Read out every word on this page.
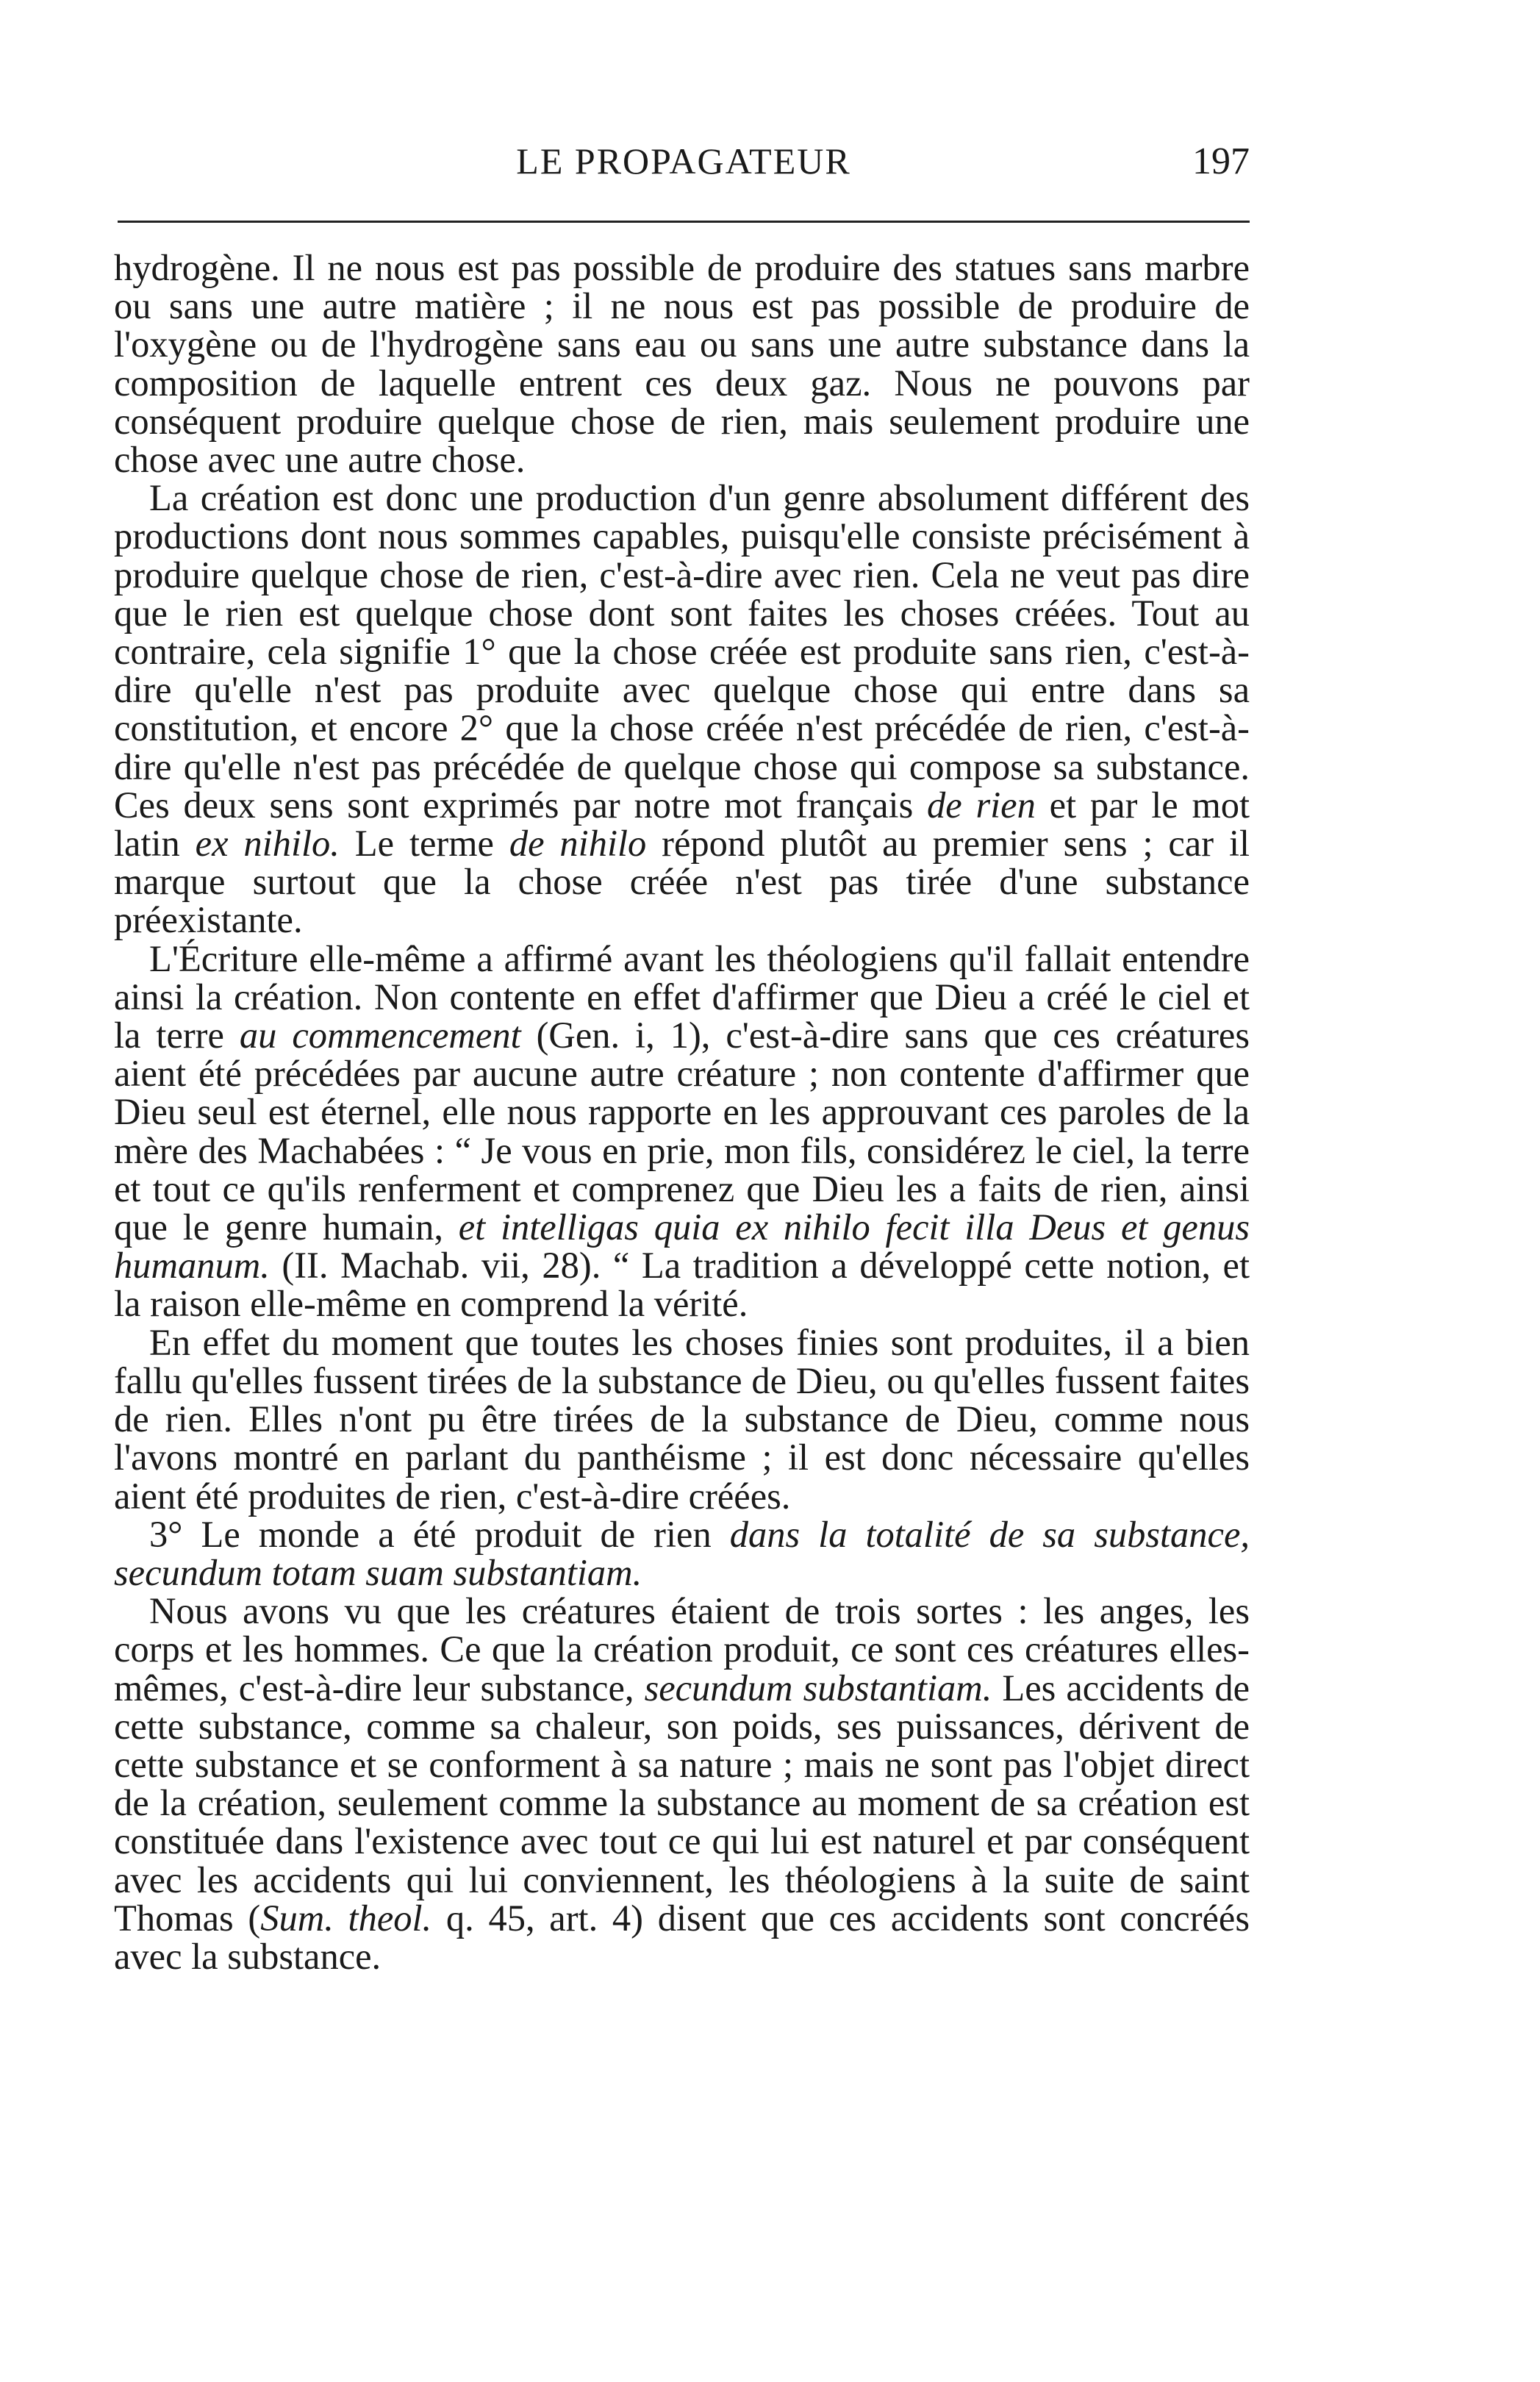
LE PROPAGATEUR	197

hydrogène. Il ne nous est pas possible de produire des statues sans marbre ou sans une autre matière ; il ne nous est pas possible de produire de l'oxygène ou de l'hydrogène sans eau ou sans une autre substance dans la composition de laquelle entrent ces deux gaz. Nous ne pouvons par conséquent produire quelque chose de rien, mais seulement produire une chose avec une autre chose.

La création est donc une production d'un genre absolument différent des productions dont nous sommes capables, puisqu'elle consiste précisément à produire quelque chose de rien, c'est-à-dire avec rien. Cela ne veut pas dire que le rien est quelque chose dont sont faites les choses créées. Tout au contraire, cela signifie 1° que la chose créée est produite sans rien, c'est-à-dire qu'elle n'est pas produite avec quelque chose qui entre dans sa constitution, et encore 2° que la chose créée n'est précédée de rien, c'est-à-dire qu'elle n'est pas précédée de quelque chose qui compose sa substance. Ces deux sens sont exprimés par notre mot français de rien et par le mot latin ex nihilo. Le terme de nihilo répond plutôt au premier sens ; car il marque surtout que la chose créée n'est pas tirée d'une substance préexistante.

L'Écriture elle-même a affirmé avant les théologiens qu'il fallait entendre ainsi la création. Non contente en effet d'affirmer que Dieu a créé le ciel et la terre au commencement (Gen. i, 1), c'est-à-dire sans que ces créatures aient été précédées par aucune autre créature ; non contente d'affirmer que Dieu seul est éternel, elle nous rapporte en les approuvant ces paroles de la mère des Machabées : “ Je vous en prie, mon fils, considérez le ciel, la terre et tout ce qu'ils renferment et comprenez que Dieu les a faits de rien, ainsi que le genre humain, et intelligas quia ex nihilo fecit illa Deus et genus humanum. (II. Machab. vii, 28). “ La tradition a développé cette notion, et la raison elle-même en comprend la vérité.

En effet du moment que toutes les choses finies sont produites, il a bien fallu qu'elles fussent tirées de la substance de Dieu, ou qu'elles fussent faites de rien. Elles n'ont pu être tirées de la substance de Dieu, comme nous l'avons montré en parlant du panthéisme ; il est donc nécessaire qu'elles aient été produites de rien, c'est-à-dire créées.

3° Le monde a été produit de rien dans la totalité de sa substance, secundum totam suam substantiam.

Nous avons vu que les créatures étaient de trois sortes : les anges, les corps et les hommes. Ce que la création produit, ce sont ces créatures elles-mêmes, c'est-à-dire leur substance, secundum substantiam. Les accidents de cette substance, comme sa chaleur, son poids, ses puissances, dérivent de cette substance et se conforment à sa nature ; mais ne sont pas l'objet direct de la création, seulement comme la substance au moment de sa création est constituée dans l'existence avec tout ce qui lui est naturel et par conséquent avec les accidents qui lui conviennent, les théologiens à la suite de saint Thomas (Sum. theol. q. 45, art. 4) disent que ces accidents sont concréés avec la substance.
